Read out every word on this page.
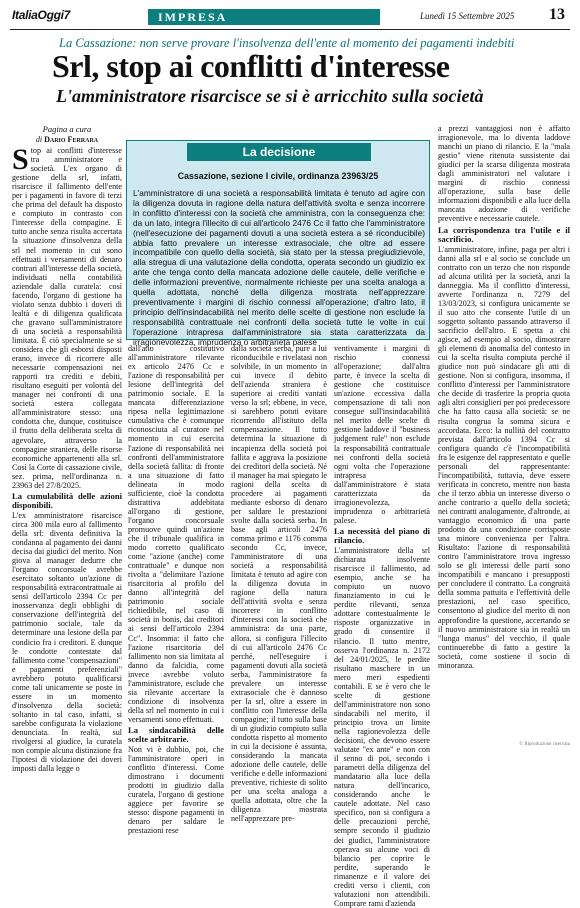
ItaliaOggi7	IMPRESA	Lunedì 15 Settembre 2025 13
La Cassazione: non serve provare l'insolvenza dell'ente al momento dei pagamenti indebiti
Srl, stop ai conflitti d'interesse
L'amministratore risarcisce se si è arricchito sulla società
Pagina a cura
di Dario Ferrara

Stop ai conflitti d'interesse tra amministratore e società. L'ex organo di gestione della srl, infatti, risarcisce il fallimento dell'ente per i pagamenti in favore di terzi che prima del default ha disposto e compiuto in contrasto con l'interesse della compagine. E tutto anche senza risulta accertata la situazione d'insolvenza della srl nel momento in cui sono effettuati i versamenti di denaro contrari all'interesse della società, individuati nella contabilità aziendale dalla curatela: così facendo, l'organo di gestione ha violato senza dubbio i doveri di lealtà e di diligenza qualificata che gravano sull'amministratore di una società a responsabilità limitata. È ciò specialmente se si considera che gli esborsi disposti erano, invece di ricorrere alle necessarie compensazioni nei rapporti tra crediti e debiti, risultano eseguiti per volontà del manager nei confronti di una società estera collegata all'amministratore stesso: una condotta che, dunque, costituisce il frutto della deliberata scelta di agevolare, attraverso la compagine straniera, delle risorse economiche appartenenti alla srl. Così la Corte di cassazione civile, sez. prima, nell'ordinanza n. 23963 del 27/8/2025.

La cumulabilità delle azioni disponibili.

L'ex amministratore risarcisce circa 300 mila euro al fallimento della srl: diventa definitiva la condanna al pagamento dei danni decisa dai giudici del merito. Non giova al manager dedurre che l'organo concorsuale avrebbe esercitato soltanto un'azione di responsabilità extracontrattuale ai sensi dell'articolo 2394 Cc per inosservanza degli obblighi di conservazione dell'integrità del patrimonio sociale, tale da determinare una lesione della par condicio fra i creditori. E dunque le condotte contestate dal fallimento come "compensazioni" e pagamenti preferenziali" avrebbero potuto qualificarsi come tali unicamente se poste in essere in un momento d'insolvenza della società: soltanto in tal caso, infatti, si sarebbe configurata la violazione denunciata. In realtà, sul rivolgersi al giudice, la curatela non compie alcuna distinzione fra l'ipotesi di violazione dei doveri imposti dalla legge o

La decisione
Cassazione, sezione I civile, ordinanza 23963/25
L'amministratore di una società a responsabilità limitata è tenuto ad agire con la diligenza dovuta in ragione della natura dell'attività svolta e senza incorrere in conflitto d'interessi con la società che amministra, con la conseguenza che: da un lato, integra l'illecito di cui all'articolo 2476 Cc il fatto che l'amministratore (nell'esecuzione dei pagamenti dovuti a una società estera a sé riconducibile) abbia fatto prevalere un interesse extrasociale, che oltre ad essere incompatibile con quello della società, sia stato per la stessa pregiudizievole, alla stregua di una valutazione della condotta, operata secondo un giudizio ex ante che tenga conto della mancata adozione delle cautele, delle verifiche e delle informazioni preventive, normalmente richieste per una scelta analoga a quella adottata, nonché della diligenza mostrata nell'apprezzare preventivamente i margini di rischio connessi all'operazione; d'altro lato, il principio dell'insindacabilità nel merito delle scelte di gestione non esclude la responsabilità contrattuale nei confronti della società tutte le volte in cui l'operazione intrapresa dall'amministratore sia stata caratterizzata da irragionevolezza, imprudenza o arbitrarietà palese

dall'atto costitutivo all'amministratore rilevante ex articolo 2476 Cc e l'azione di responsabilità per lesione dell'integrità del patrimonio sociale. E la mancata differenziazione ripesa nella legittimazione cumulativa che è comunque riconosciuta al curatore nel momento in cui esercita l'azione di responsabilità nei confronti dell'amministratore della società fallita: di fronte a una situazione di fatto delineata in modo sufficiente, cioè la condotta distrattiva addebitata all'organo di gestione, l'organo concorsuale promuove quindi un'azione che il tribunale qualifica in modo corretto qualificato come "azione (anche) come contrattuale" e dunque non rivolta a "delimitare l'azione risarcitoria al profilo del danno all'integrità del patrimonio sociale richiedibile, nel caso di società in bonis, dai creditori ai sensi dell'articolo 2394 Cc". Insomma: il fatto che l'azione risarcitoria del fallimento non sia limitata al danno da falcidia, come invece avrebbe voluto l'amministratore, esclude che sia rilevante accertare la condizione di insolvenza della srl nel momento in cui i versamenti sono effettuati.

La sindacabilità delle scelte arbitrarie.

Non vi è dubbio, poi, che l'amministratore operi in conflitto d'interessi. Come dimostrano i documenti prodotti in giudizio dalla curatela, l'organo di gestione aggiece per favorire se stesso: dispone pagamenti in denaro per saldare le prestazioni rese

dalla società serba, pure a lui riconducibile e rivelatasi non solvibile, in un momento in cui invece il debito dell'azienda straniera è superiore ai crediti vantati verso la srl; ebbene, in vece, si sarebbero potuti evitare ricorrendo all'istituto della compensazione. Il tutto determina la situazione di incapienza della società poi fallita e aggrava la posizione dei creditori della società. Né il manager ha mai spiegato le ragioni della scelta di procedere ai pagamenti mediante esborso di denaro per saldare le prestazioni svolte dalla società serba. In base agli articoli 2476 comma primo e 1176 comma secondo Cc, invece, l'amministratore di una società a responsabilità limitata è tenuto ad agire con la diligenza dovuta in ragione della natura dell'attività svolta e senza incorrere in conflitto d'interessi con la società che amministra: da una parte, allora, si configura l'illecito di cui all'articolo 2476 Cc perché, nell'eseguire i pagamenti dovuti alla società serba, l'amministratore fa prevalere un interesse extrasociale che è dannoso per la srl, oltre a essere in conflitto con l'interesse della compagine; il tutto sulla base di un giudizio compiuto sulla condotta rispetto al momento in cui la decisione è assunta, considerando la mancata adozione delle cautele, delle verifiche e delle informazioni preventive, richieste di solito per una scelta analoga a quella adottata, oltre che la diligenza mostrata nell'apprezzare pre-

ventivamente i margini di rischio connessi all'operazione; dall'altra parte, è invece la scelta di gestione che costituisce un'azione eccessiva dalla compensazione di tali non consegue sull'insindacabilità nel merito delle scelte di gestione laddove il "business judgement rule" non esclude la responsabilità contrattuale nei confronti della società ogni volta che l'operazione intrapresa dall'amministratore è stata caratterizzata da irragionevolezza, imprudenza o arbitrarietà palese.

La necessità del piano di rilancio.

L'amministratore della srl dichiarata insolvente risarcisce il fallimento, ad esempio, anche se ha compiuto un nuovo finanziamento in cui le perdite rilevanti, senza adottare contestualmente le risposte organizzative in grado di consentire il rilancio. Il tutto mentre, osserva l'ordinanza n. 2172 del 24/01/2025, le perdite risultano maschere in un mero meri espedienti contabili. E se è vero che le scelte di gestione dell'amministratore non sono sindacabili nel merito, il principio trova un limite nella ragionevolezza delle decisioni, che devono essere valutate "ex ante" e non con il senno di poi, secondo i parametri della diligenza del mandatario alla luce della natura dell'incarico, considerando anche le cautele adottate. Nel caso specifico, non si configura a delle precauzioni perché, sempre secondo il giudizio dei giudici, l'amministratore operava su alcune voci di bilancio per coprire le perdite, superando le rimanenze e il valore dei crediti verso i clienti, con valutazioni non attendibili. Comprare rami d'azienda

a prezzi vantaggiosi non è affatto irragionevole, ma lo diventa laddove manchi un piano di rilancio. E la "mala gestio" viene ritenuta sussistente dai giudici per la scarsa diligenza mostrata dagli amministratori nel valutare i margini di rischio connessi all'operazione, sulla base delle informazioni disponibili e alla luce della mancata adozione di verifiche preventive e necessarie cautele.

La corrispondenza tra l'utile e il sacrificio.

L'amministratore, infine, paga per altri i danni alla srl e al socio se conclude un contratto con un terzo che non risponde ad alcuna utilità per la società, anzi la danneggia. Ma il conflitto d'interessi, avverte l'ordinanza n. 7279 del 13/03/2023, si configura unicamente se il suo atto che consente l'utile di un soggetto soltanto passando attraverso il sacrificio dell'altro. E spetta a chi agisce, ad esempio al socio, dimostrare gli elementi di anomalia del contesto in cui la scelta risulta compiuta perché il giudice non può sindacare gli atti di gestione. Non si configura, insomma, il conflitto d'interessi per l'amministratore che decide di trasferire la propria quota agli altri consiglieri per poi predecessore che ha fatto causa alla società: se ne risulta congrua la somma sicura e accordata. Ecco: la nullità del contratto prevista dall'articolo 1394 Cc si configura quando c'è l'incompatibilità fra le esigenze del rappresentato e quelle personali del rappresentante: l'incompatibilità, tuttavia, deve essere verificata in concreto, mentre non basta che il terzo abbia un interesse diverso o anche contrario a quello della società; nei contratti analogamente, d'altronde, ai vantaggio economico di una parte prodotto da una condizione corrisposte una minore convenienza per l'altra. Risultato: l'azione di responsabilità contro l'amministratore trova ingresso solo se gli interessi delle parti sono incompatibili e mancano i presupposti per concludere il contratto. La congruità della somma pattuita e l'effettività delle prestazioni, nel caso specifico, consentono al giudice del merito di non approfondire la questione, accertando se il nuovo amministratore sia in realtà un "lunga manus" del vecchio, il quale continuerebbe di fatto a gestire la società, come sostiene il socio di minoranza.

© Riproduzione riservata
